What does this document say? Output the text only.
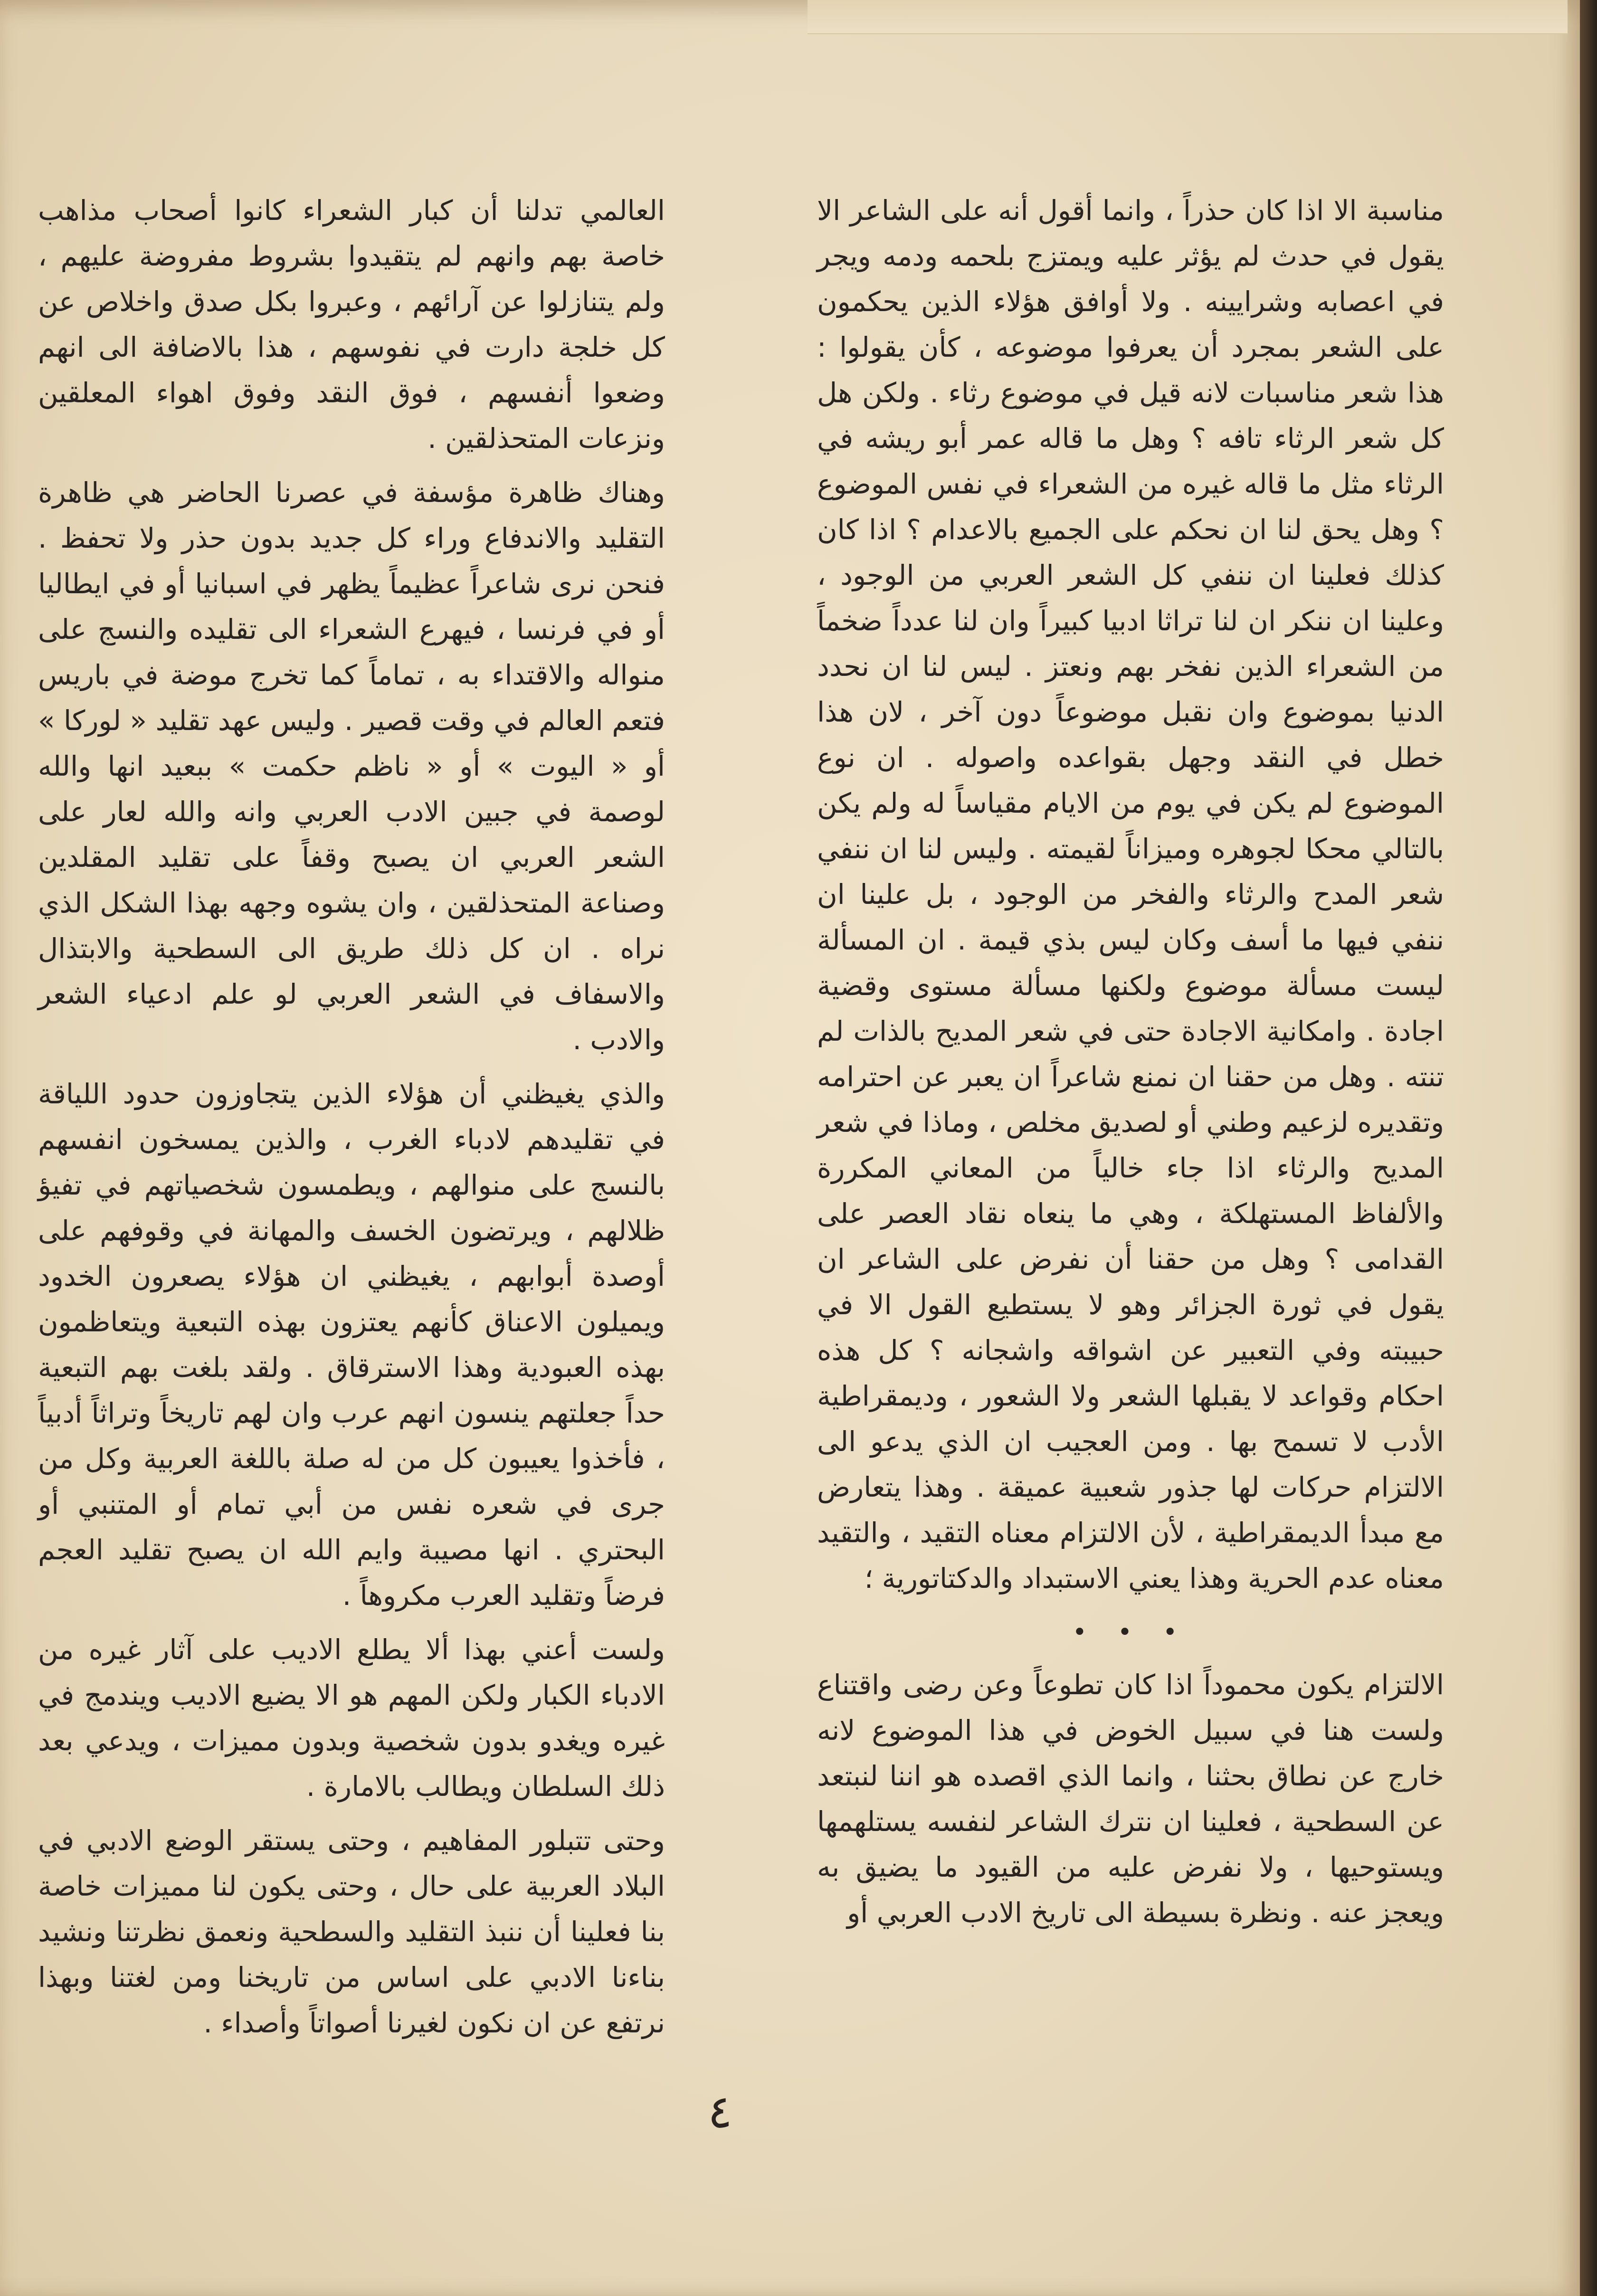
مناسبة الا اذا كان حذراً ، وانما أقول أنه على الشاعر الا يقول في حدث لم يؤثر عليه ويمتزج بلحمه ودمه ويجر في اعصابه وشرايينه . ولا أوافق هؤلاء الذين يحكمون على الشعر بمجرد أن يعرفوا موضوعه ، كأن يقولوا : هذا شعر مناسبات لانه قيل في موضوع رثاء . ولكن هل كل شعر الرثاء تافه ؟ وهل ما قاله عمر أبو ريشه في الرثاء مثل ما قاله غيره من الشعراء في نفس الموضوع ؟ وهل يحق لنا ان نحكم على الجميع بالاعدام ؟ اذا كان كذلك فعلينا ان ننفي كل الشعر العربي من الوجود ، وعلينا ان ننكر ان لنا تراثا ادبيا كبيراً وان لنا عدداً ضخماً من الشعراء الذين نفخر بهم ونعتز . ليس لنا ان نحدد الدنيا بموضوع وان نقبل موضوعاً دون آخر ، لان هذا خطل في النقد وجهل بقواعده واصوله . ان نوع الموضوع لم يكن في يوم من الايام مقياساً له ولم يكن بالتالي محكا لجوهره وميزاناً لقيمته . وليس لنا ان ننفي شعر المدح والرثاء والفخر من الوجود ، بل علينا ان ننفي فيها ما أسف وكان ليس بذي قيمة . ان المسألة ليست مسألة موضوع ولكنها مسألة مستوى وقضية اجادة . وامكانية الاجادة حتى في شعر المديح بالذات لم تنته . وهل من حقنا ان نمنع شاعراً ان يعبر عن احترامه وتقديره لزعيم وطني أو لصديق مخلص ، وماذا في شعر المديح والرثاء اذا جاء خالياً من المعاني المكررة والألفاظ المستهلكة ، وهي ما ينعاه نقاد العصر على القدامى ؟ وهل من حقنا أن نفرض على الشاعر ان يقول في ثورة الجزائر وهو لا يستطيع القول الا في حبيبته وفي التعبير عن اشواقه واشجانه ؟ كل هذه احكام وقواعد لا يقبلها الشعر ولا الشعور ، وديمقراطية الأدب لا تسمح بها . ومن العجيب ان الذي يدعو الى الالتزام حركات لها جذور شعبية عميقة . وهذا يتعارض مع مبدأ الديمقراطية ، لأن الالتزام معناه التقيد ، والتقيد معناه عدم الحرية وهذا يعني الاستبداد والدكتاتورية ؛

• • •

الالتزام يكون محموداً اذا كان تطوعاً وعن رضى واقتناع ولست هنا في سبيل الخوض في هذا الموضوع لانه خارج عن نطاق بحثنا ، وانما الذي اقصده هو اننا لنبتعد عن السطحية ، فعلينا ان نترك الشاعر لنفسه يستلهمها ويستوحيها ، ولا نفرض عليه من القيود ما يضيق به ويعجز عنه . ونظرة بسيطة الى تاريخ الادب العربي أو

العالمي تدلنا أن كبار الشعراء كانوا أصحاب مذاهب خاصة بهم وانهم لم يتقيدوا بشروط مفروضة عليهم ، ولم يتنازلوا عن آرائهم ، وعبروا بكل صدق واخلاص عن كل خلجة دارت في نفوسهم ، هذا بالاضافة الى انهم وضعوا أنفسهم ، فوق النقد وفوق اهواء المعلقين ونزعات المتحذلقين .

وهناك ظاهرة مؤسفة في عصرنا الحاضر هي ظاهرة التقليد والاندفاع وراء كل جديد بدون حذر ولا تحفظ . فنحن نرى شاعراً عظيماً يظهر في اسبانيا أو في ايطاليا أو في فرنسا ، فيهرع الشعراء الى تقليده والنسج على منواله والاقتداء به ، تماماً كما تخرج موضة في باريس فتعم العالم في وقت قصير . وليس عهد تقليد « لوركا » أو « اليوت » أو « ناظم حكمت » ببعيد انها والله لوصمة في جبين الادب العربي وانه والله لعار على الشعر العربي ان يصبح وقفاً على تقليد المقلدين وصناعة المتحذلقين ، وان يشوه وجهه بهذا الشكل الذي نراه . ان كل ذلك طريق الى السطحية والابتذال والاسفاف في الشعر العربي لو علم ادعياء الشعر والادب .

والذي يغيظني أن هؤلاء الذين يتجاوزون حدود اللياقة في تقليدهم لادباء الغرب ، والذين يمسخون انفسهم بالنسج على منوالهم ، ويطمسون شخصياتهم في تفيؤ ظلالهم ، ويرتضون الخسف والمهانة في وقوفهم على أوصدة أبوابهم ، يغيظني ان هؤلاء يصعرون الخدود ويميلون الاعناق كأنهم يعتزون بهذه التبعية ويتعاظمون بهذه العبودية وهذا الاسترقاق . ولقد بلغت بهم التبعية حداً جعلتهم ينسون انهم عرب وان لهم تاريخاً وتراثاً أدبياً ، فأخذوا يعيبون كل من له صلة باللغة العربية وكل من جرى في شعره نفس من أبي تمام أو المتنبي أو البحتري . انها مصيبة وايم الله ان يصبح تقليد العجم فرضاً وتقليد العرب مكروهاً .

ولست أعني بهذا ألا يطلع الاديب على آثار غيره من الادباء الكبار ولكن المهم هو الا يضيع الاديب ويندمج في غيره ويغدو بدون شخصية وبدون مميزات ، ويدعي بعد ذلك السلطان ويطالب بالامارة .

وحتى تتبلور المفاهيم ، وحتى يستقر الوضع الادبي في البلاد العربية على حال ، وحتى يكون لنا مميزات خاصة بنا فعلينا أن ننبذ التقليد والسطحية ونعمق نظرتنا ونشيد بناءنا الادبي على اساس من تاريخنا ومن لغتنا وبهذا نرتفع عن ان نكون لغيرنا أصواتاً وأصداء .

٤
